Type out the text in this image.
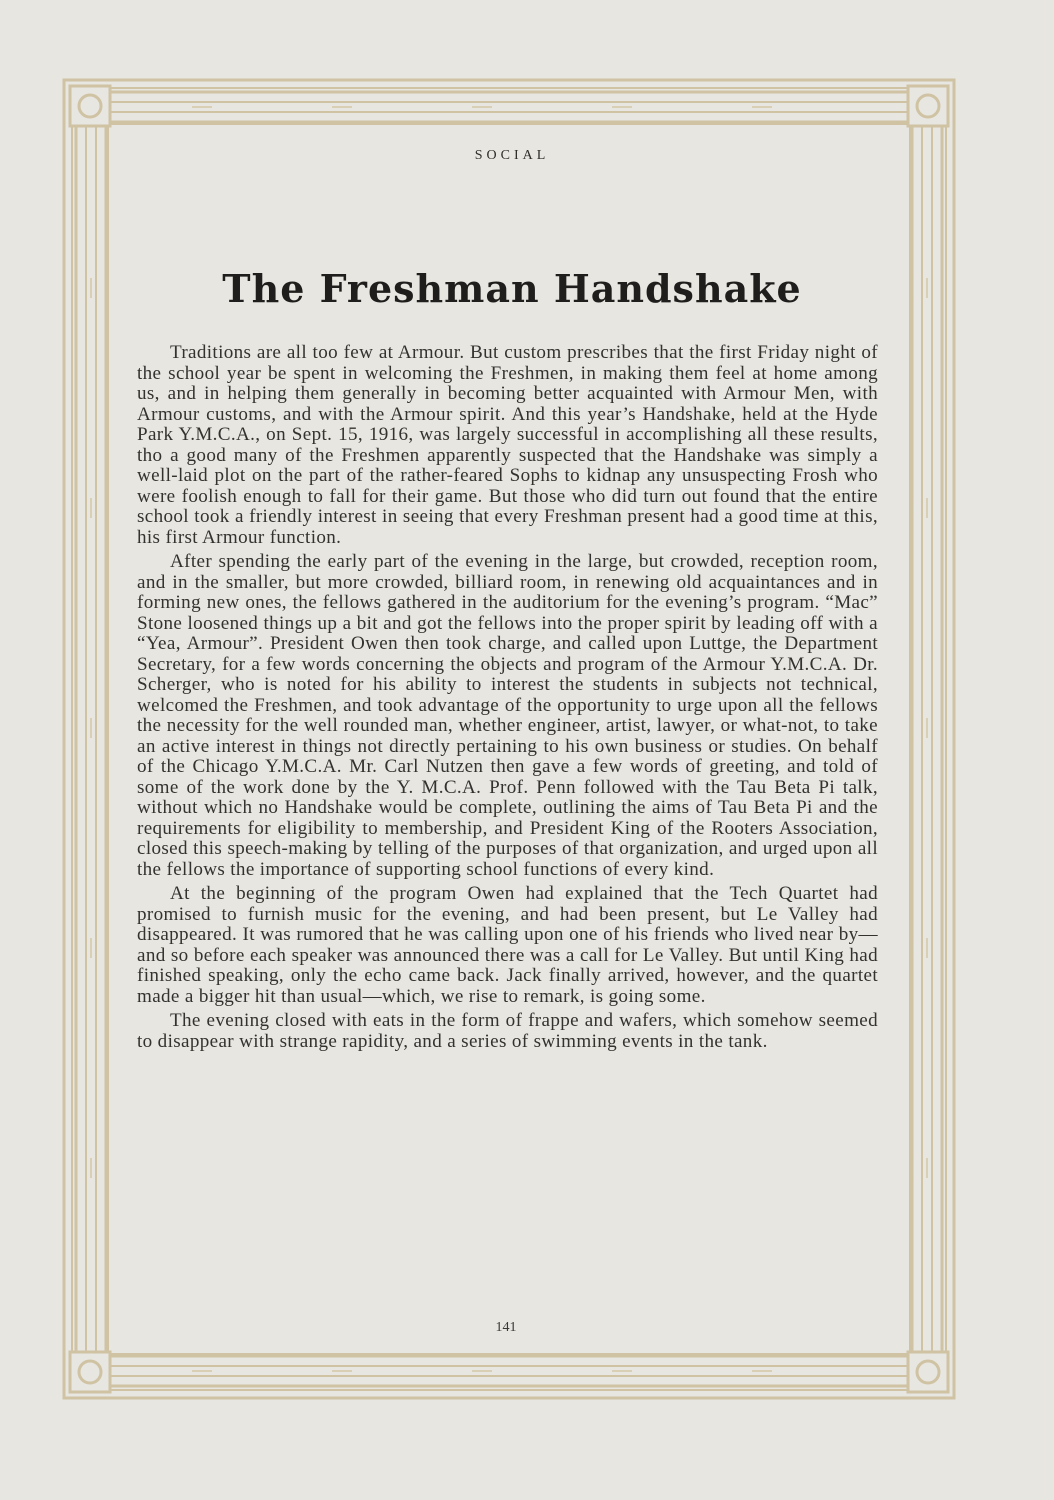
SOCIAL
The Freshman Handshake

Traditions are all too few at Armour. But custom prescribes that the first Friday night of the school year be spent in welcoming the Freshmen, in making them feel at home among us, and in helping them generally in becoming better acquainted with Armour Men, with Armour customs, and with the Armour spirit. And this year’s Handshake, held at the Hyde Park Y.M.C.A., on Sept. 15, 1916, was largely successful in accomplishing all these results, tho a good many of the Freshmen apparently suspected that the Handshake was simply a well-laid plot on the part of the rather-feared Sophs to kidnap any unsuspecting Frosh who were foolish enough to fall for their game. But those who did turn out found that the entire school took a friendly interest in seeing that every Freshman present had a good time at this, his first Armour function.

After spending the early part of the evening in the large, but crowded, reception room, and in the smaller, but more crowded, billiard room, in renewing old acquaintances and in forming new ones, the fellows gathered in the auditorium for the evening’s program. “Mac” Stone loosened things up a bit and got the fellows into the proper spirit by leading off with a “Yea, Armour”. President Owen then took charge, and called upon Luttge, the Department Secretary, for a few words concerning the objects and program of the Armour Y.M.C.A. Dr. Scherger, who is noted for his ability to interest the students in subjects not technical, welcomed the Freshmen, and took advantage of the opportunity to urge upon all the fellows the necessity for the well rounded man, whether engineer, artist, lawyer, or what-not, to take an active interest in things not directly pertaining to his own business or studies. On behalf of the Chicago Y.M.C.A. Mr. Carl Nutzen then gave a few words of greeting, and told of some of the work done by the Y. M.C.A. Prof. Penn followed with the Tau Beta Pi talk, without which no Handshake would be complete, outlining the aims of Tau Beta Pi and the requirements for eligibility to membership, and President King of the Rooters Association, closed this speech-making by telling of the purposes of that organization, and urged upon all the fellows the importance of supporting school functions of every kind.

At the beginning of the program Owen had explained that the Tech Quartet had promised to furnish music for the evening, and had been present, but Le Valley had disappeared. It was rumored that he was calling upon one of his friends who lived near by—and so before each speaker was announced there was a call for Le Valley. But until King had finished speaking, only the echo came back. Jack finally arrived, however, and the quartet made a bigger hit than usual—which, we rise to remark, is going some.

The evening closed with eats in the form of frappe and wafers, which somehow seemed to disappear with strange rapidity, and a series of swimming events in the tank.

141
